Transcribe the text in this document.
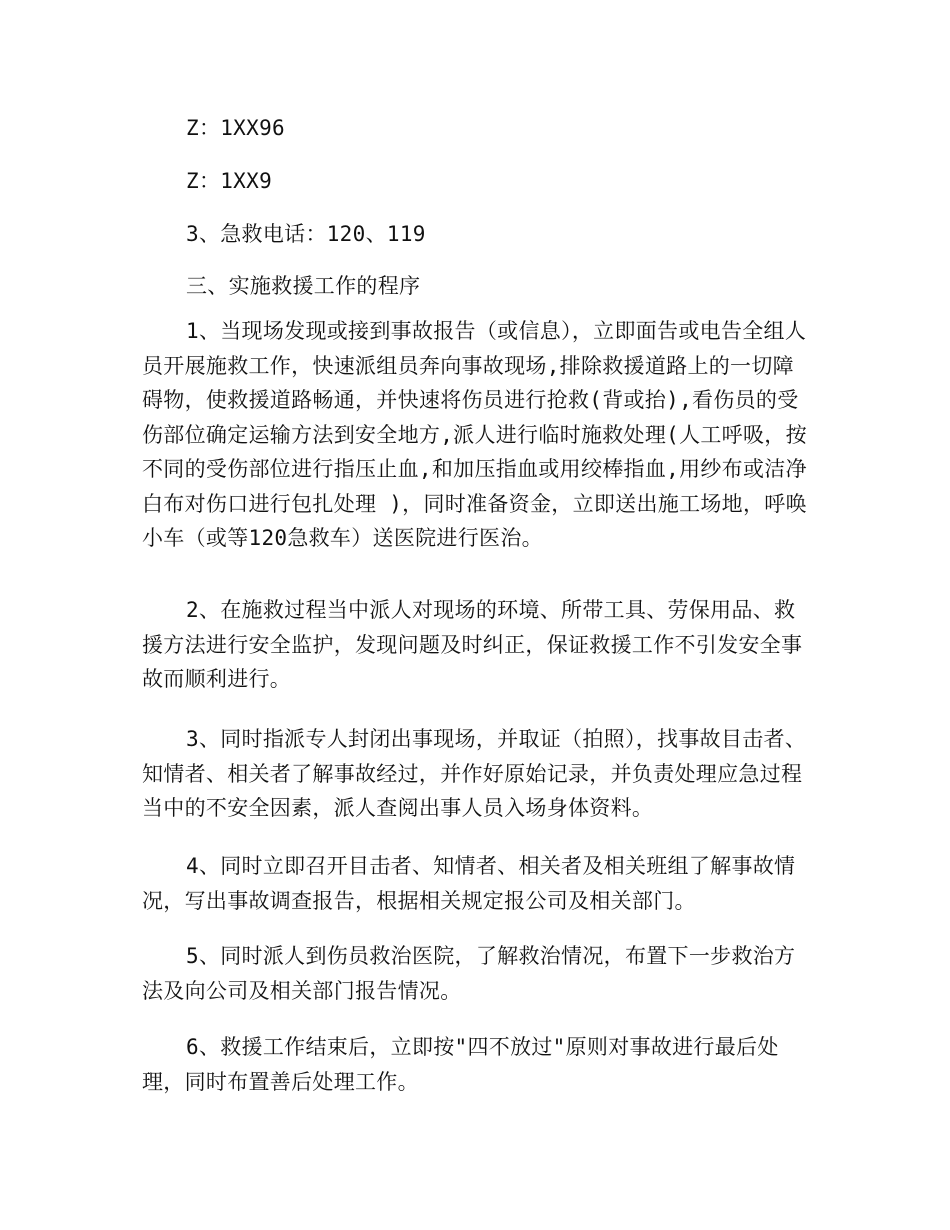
Z：1XX96

Z：1XX9

3、急救电话：120、119

三、实施救援工作的程序

1、当现场发现或接到事故报告（或信息），立即面告或电告全组人员开展施救工作，快速派组员奔向事故现场,排除救援道路上的一切障碍物，使救援道路畅通，并快速将伤员进行抢救(背或抬),看伤员的受伤部位确定运输方法到安全地方,派人进行临时施救处理(人工呼吸，按不同的受伤部位进行指压止血,和加压指血或用绞棒指血,用纱布或洁净白布对伤口进行包扎处理 )，同时准备资金，立即送出施工场地，呼唤小车（或等120急救车）送医院进行医治。

2、在施救过程当中派人对现场的环境、所带工具、劳保用品、救援方法进行安全监护，发现问题及时纠正，保证救援工作不引发安全事故而顺利进行。

3、同时指派专人封闭出事现场，并取证（拍照），找事故目击者、知情者、相关者了解事故经过，并作好原始记录，并负责处理应急过程当中的不安全因素，派人查阅出事人员入场身体资料。

4、同时立即召开目击者、知情者、相关者及相关班组了解事故情况，写出事故调查报告，根据相关规定报公司及相关部门。

5、同时派人到伤员救治医院，了解救治情况，布置下一步救治方法及向公司及相关部门报告情况。

6、救援工作结束后，立即按"四不放过"原则对事故进行最后处理，同时布置善后处理工作。
